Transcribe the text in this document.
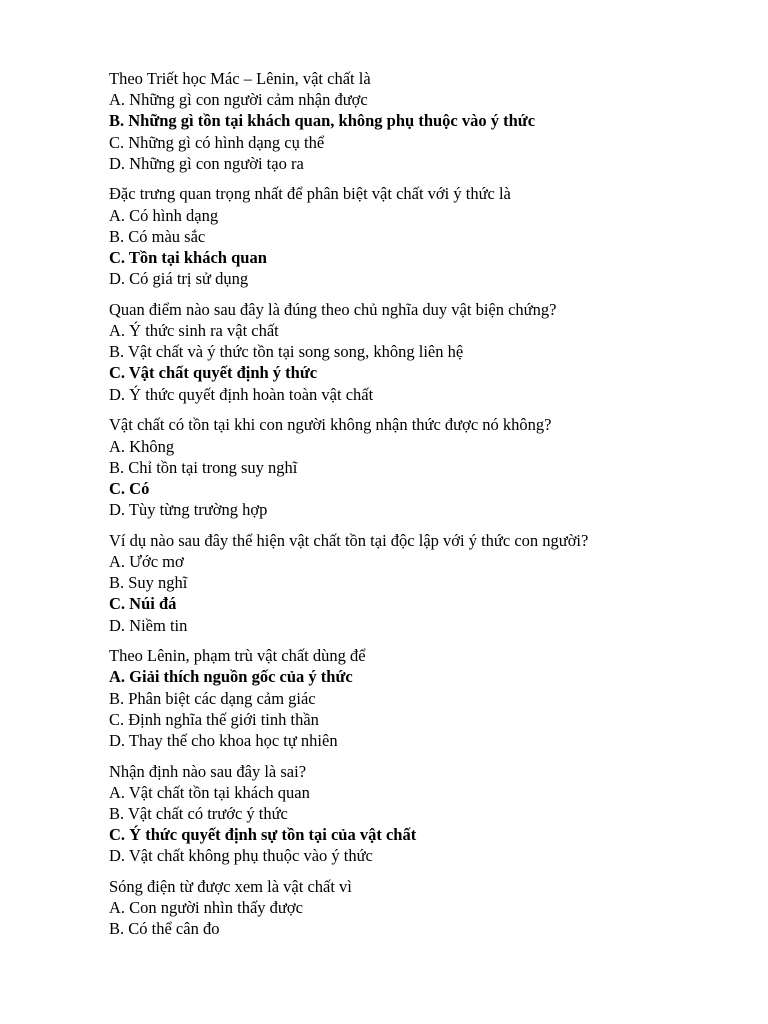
Theo Triết học Mác – Lênin, vật chất là
A. Những gì con người cảm nhận được
B. Những gì tồn tại khách quan, không phụ thuộc vào ý thức
C. Những gì có hình dạng cụ thể
D. Những gì con người tạo ra
Đặc trưng quan trọng nhất để phân biệt vật chất với ý thức là
A. Có hình dạng
B. Có màu sắc
C. Tồn tại khách quan
D. Có giá trị sử dụng
Quan điểm nào sau đây là đúng theo chủ nghĩa duy vật biện chứng?
A. Ý thức sinh ra vật chất
B. Vật chất và ý thức tồn tại song song, không liên hệ
C. Vật chất quyết định ý thức
D. Ý thức quyết định hoàn toàn vật chất
Vật chất có tồn tại khi con người không nhận thức được nó không?
A. Không
B. Chỉ tồn tại trong suy nghĩ
C. Có
D. Tùy từng trường hợp
Ví dụ nào sau đây thể hiện vật chất tồn tại độc lập với ý thức con người?
A. Ước mơ
B. Suy nghĩ
C. Núi đá
D. Niềm tin
Theo Lênin, phạm trù vật chất dùng để
A. Giải thích nguồn gốc của ý thức
B. Phân biệt các dạng cảm giác
C. Định nghĩa thế giới tinh thần
D. Thay thế cho khoa học tự nhiên
Nhận định nào sau đây là sai?
A. Vật chất tồn tại khách quan
B. Vật chất có trước ý thức
C. Ý thức quyết định sự tồn tại của vật chất
D. Vật chất không phụ thuộc vào ý thức
Sóng điện từ được xem là vật chất vì
A. Con người nhìn thấy được
B. Có thể cân đo
